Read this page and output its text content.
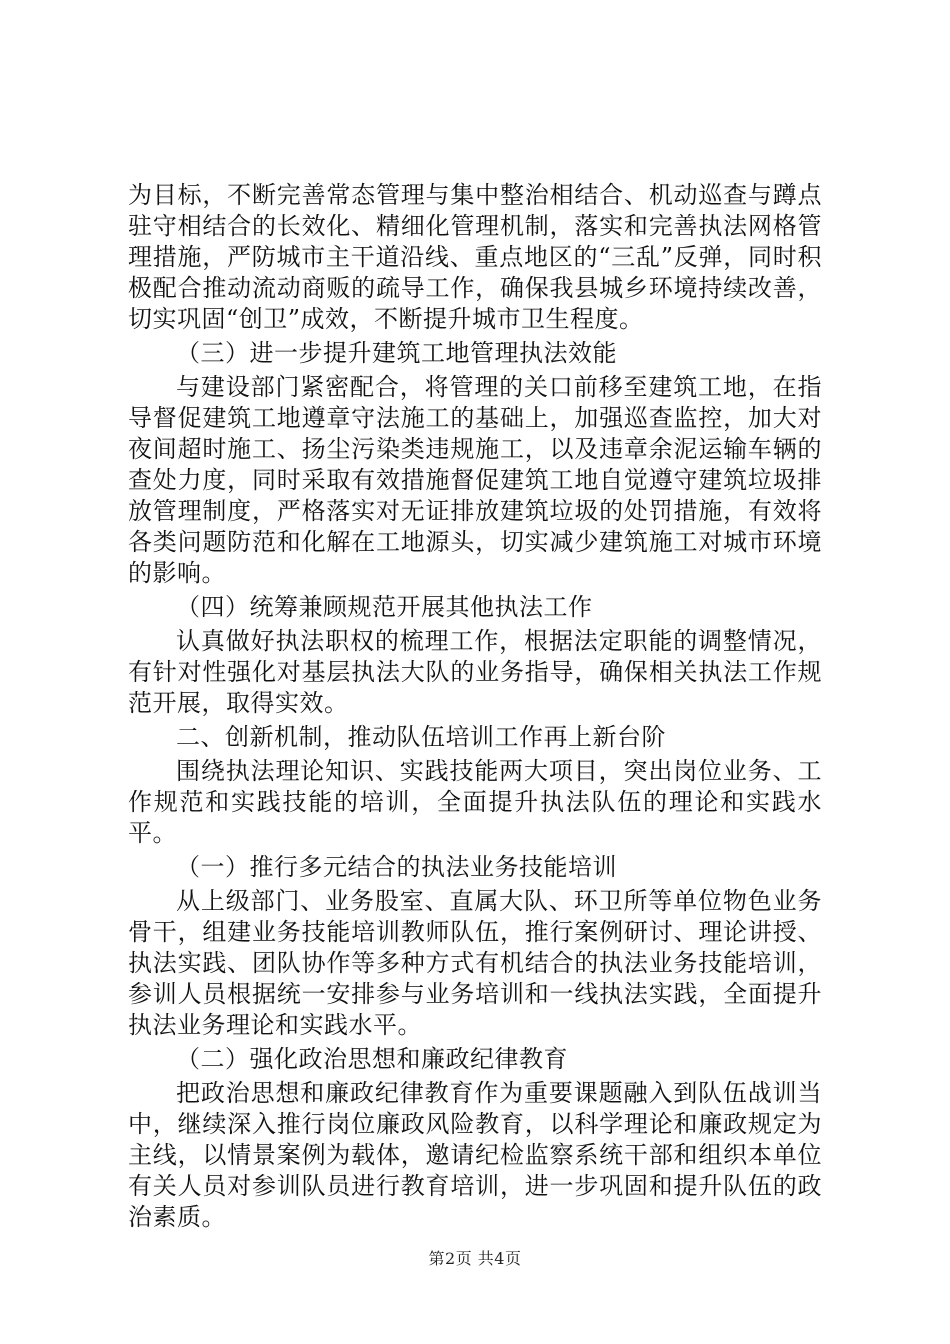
为目标，不断完善常态管理与集中整治相结合、机动巡查与蹲点驻守相结合的长效化、精细化管理机制，落实和完善执法网格管理措施，严防城市主干道沿线、重点地区的“三乱”反弹，同时积极配合推动流动商贩的疏导工作，确保我县城乡环境持续改善，切实巩固“创卫”成效，不断提升城市卫生程度。

（三）进一步提升建筑工地管理执法效能

与建设部门紧密配合，将管理的关口前移至建筑工地，在指导督促建筑工地遵章守法施工的基础上，加强巡查监控，加大对夜间超时施工、扬尘污染类违规施工，以及违章余泥运输车辆的查处力度，同时采取有效措施督促建筑工地自觉遵守建筑垃圾排放管理制度，严格落实对无证排放建筑垃圾的处罚措施，有效将各类问题防范和化解在工地源头，切实减少建筑施工对城市环境的影响。

（四）统筹兼顾规范开展其他执法工作

认真做好执法职权的梳理工作，根据法定职能的调整情况，有针对性强化对基层执法大队的业务指导，确保相关执法工作规范开展，取得实效。

二、创新机制，推动队伍培训工作再上新台阶

围绕执法理论知识、实践技能两大项目，突出岗位业务、工作规范和实践技能的培训，全面提升执法队伍的理论和实践水平。

（一）推行多元结合的执法业务技能培训

从上级部门、业务股室、直属大队、环卫所等单位物色业务骨干，组建业务技能培训教师队伍，推行案例研讨、理论讲授、执法实践、团队协作等多种方式有机结合的执法业务技能培训，参训人员根据统一安排参与业务培训和一线执法实践，全面提升执法业务理论和实践水平。

（二）强化政治思想和廉政纪律教育

把政治思想和廉政纪律教育作为重要课题融入到队伍战训当中，继续深入推行岗位廉政风险教育，以科学理论和廉政规定为主线，以情景案例为载体，邀请纪检监察系统干部和组织本单位有关人员对参训队员进行教育培训，进一步巩固和提升队伍的政治素质。

第2页 共4页
